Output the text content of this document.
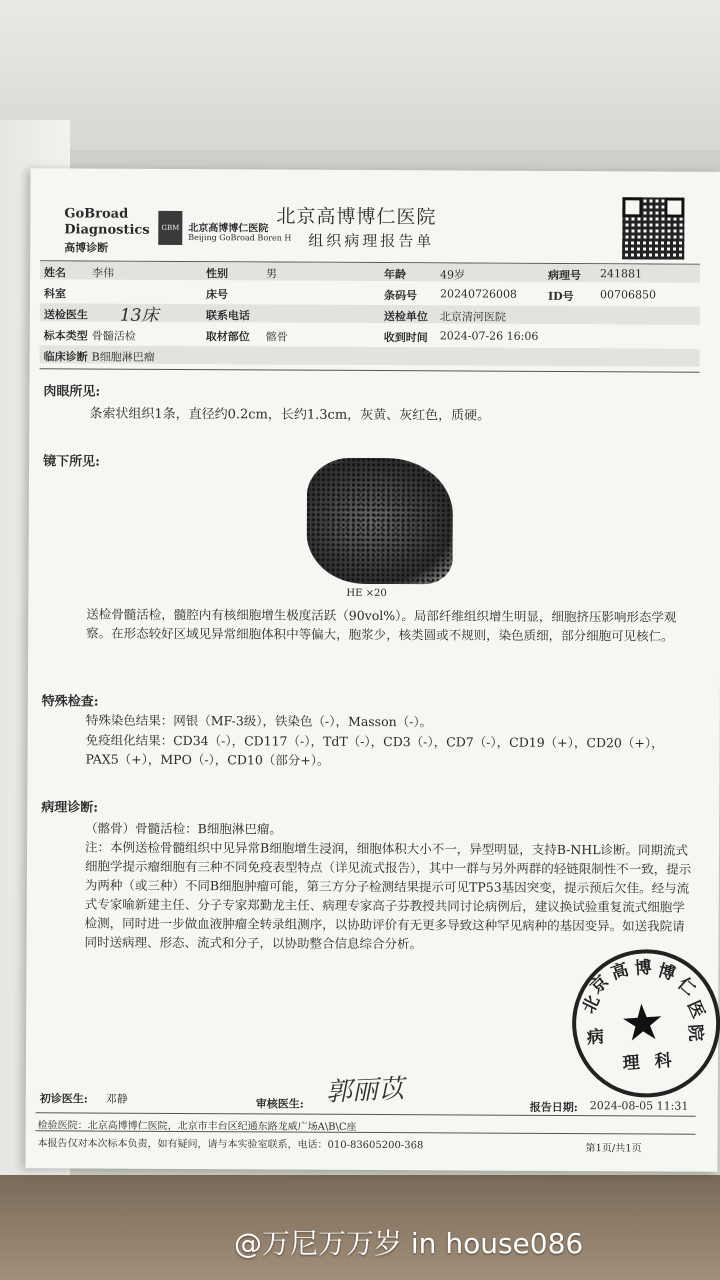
GoBroad
Diagnostics
高博诊断
GBM 北京高博博仁医院
Beijing GoBroad Boren H
北京高博博仁医院
组织病理报告单
姓名 李伟	性别	男	年龄	49岁	病理号 241881
科室	床号	条码号 20240726008	ID号 00706850
送检医生 13床	联系电话	送检单位 北京清河医院
标本类型 骨髓活检	取材部位 髂骨	收到时间 2024-07-26 16:06
临床诊断 B细胞淋巴瘤
肉眼所见:
条索状组织1条，直径约0.2cm，长约1.3cm，灰黄、灰红色，质硬。
镜下所见:
HE ×20
送检骨髓活检，髓腔内有核细胞增生极度活跃（90vol%）。局部纤维组织增生明显，细胞挤压影响形态学观察。在形态较好区域见异常细胞体积中等偏大，胞浆少，核类圆或不规则，染色质细，部分细胞可见核仁。
特殊检查:
特殊染色结果：网银（MF-3级），铁染色（-），Masson（-）。
免疫组化结果：CD34（-），CD117（-），TdT（-），CD3（-），CD7（-），CD19（+），CD20（+），PAX5（+），MPO（-），CD10（部分+）。
病理诊断:
（髂骨）骨髓活检：B细胞淋巴瘤。
注：本例送检骨髓组织中见异常B细胞增生浸润，细胞体积大小不一，异型明显，支持B-NHL诊断。同期流式细胞学提示瘤细胞有三种不同免疫表型特点（详见流式报告），其中一群与另外两群的轻链限制性不一致，提示为两种（或三种）不同B细胞肿瘤可能，第三方分子检测结果提示可见TP53基因突变，提示预后欠佳。经与流式专家喻新建主任、分子专家郑勤龙主任、病理专家高子芬教授共同讨论病例后，建议换试验重复流式细胞学检测，同时进一步做血液肿瘤全转录组测序，以协助评价有无更多导致这种罕见病种的基因变异。如送我院请同时送病理、形态、流式和分子，以协助整合信息综合分析。
★
北
京
高 博 博
仁
医
院
病
理 科
初诊医生: 邓静	审核医生: 郭丽苡	报告日期: 2024-08-05 11:31
检验医院：北京高博博仁医院，北京市丰台区纪通东路龙威广场A\B\C座
本报告仅对本次标本负责，如有疑问，请与本实验室联系，电话：010-83605200-368	第1页/共1页
@万尼万万岁 in house086
